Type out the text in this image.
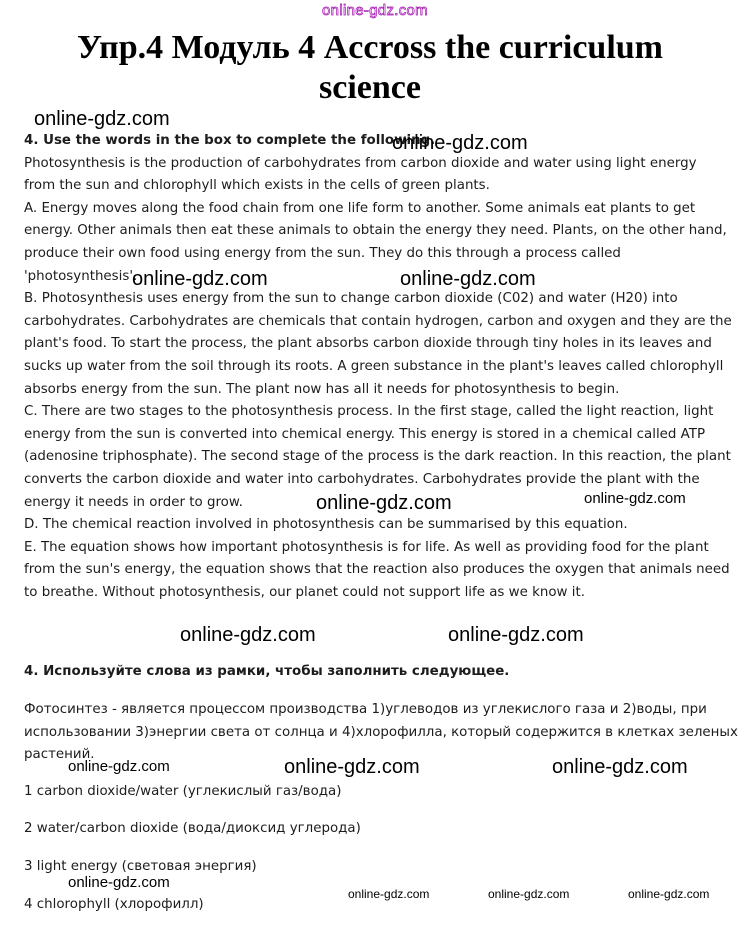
online-gdz.com
Упр.4 Модуль 4 Accross the curriculum
science
4. Use the words in the box to complete the following.
Photosynthesis is the production of carbohydrates from carbon dioxide and water using light energy
from the sun and chlorophyll which exists in the cells of green plants.
A. Energy moves along the food chain from one life form to another. Some animals eat plants to get
energy. Other animals then eat these animals to obtain the energy they need. Plants, on the other hand,
produce their own food using energy from the sun. They do this through a process called
'photosynthesis'.
B. Photosynthesis uses energy from the sun to change carbon dioxide (C02) and water (H20) into
carbohydrates. Carbohydrates are chemicals that contain hydrogen, carbon and oxygen and they are the
plant's food. To start the process, the plant absorbs carbon dioxide through tiny holes in its leaves and
sucks up water from the soil through its roots. A green substance in the plant's leaves called chlorophyll
absorbs energy from the sun. The plant now has all it needs for photosynthesis to begin.
C. There are two stages to the photosynthesis process. In the first stage, called the light reaction, light
energy from the sun is converted into chemical energy. This energy is stored in a chemical called ATP
(adenosine triphosphate). The second stage of the process is the dark reaction. In this reaction, the plant
converts the carbon dioxide and water into carbohydrates. Carbohydrates provide the plant with the
energy it needs in order to grow.
D. The chemical reaction involved in photosynthesis can be summarised by this equation.
E. The equation shows how important photosynthesis is for life. As well as providing food for the plant
from the sun's energy, the equation shows that the reaction also produces the oxygen that animals need
to breathe. Without photosynthesis, our planet could not support life as we know it.
4. Используйте слова из рамки, чтобы заполнить следующее.
Фотосинтез - является процессом производства 1)углеводов из углекислого газа и 2)воды, при
использовании 3)энергии света от солнца и 4)хлорофилла, который содержится в клетках зеленых
растений.
1 carbon dioxide/water (углекислый газ/вода)
2 water/carbon dioxide (вода/диоксид углерода)
3 light energy (световая энергия)
4 chlorophyll (хлорофилл)
online-gdz.com
online-gdz.com
online-gdz.com	online-gdz.com
online-gdz.com	online-gdz.com
online-gdz.com	online-gdz.com
online-gdz.com	online-gdz.com	online-gdz.com
online-gdz.com
online-gdz.com	online-gdz.com	online-gdz.com
